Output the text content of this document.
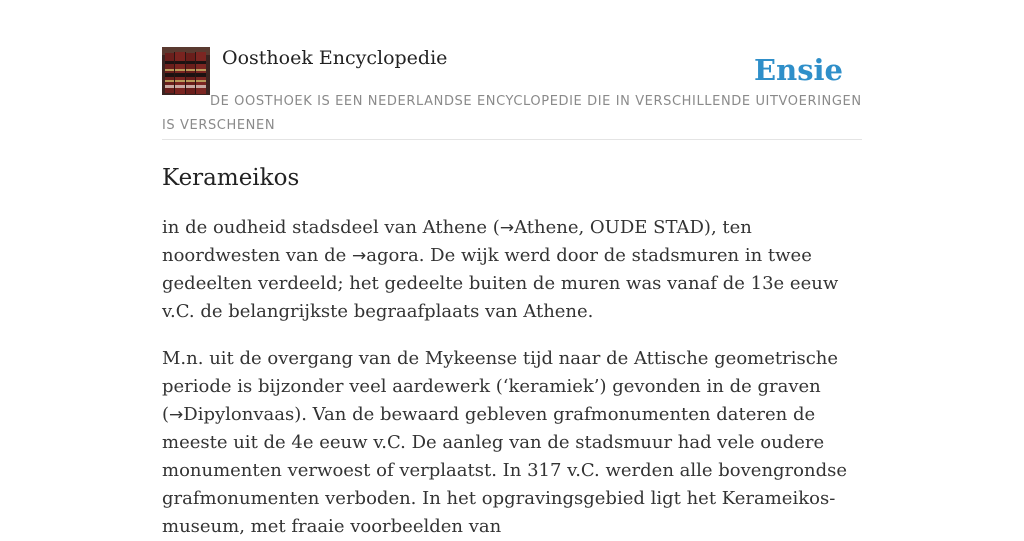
Oosthoek Encyclopedie	Ensie

DE OOSTHOEK IS EEN NEDERLANDSE ENCYCLOPEDIE DIE IN VERSCHILLENDE UITVOERINGEN IS VERSCHENEN

Kerameikos

in de oudheid stadsdeel van Athene (→Athene, OUDE STAD), ten noordwesten van de →agora. De wijk werd door de stadsmuren in twee gedeelten verdeeld; het gedeelte buiten de muren was vanaf de 13e eeuw v.C. de belangrijkste begraafplaats van Athene.

M.n. uit de overgang van de Mykeense tijd naar de Attische geometrische periode is bijzonder veel aardewerk (‘keramiek’) gevonden in de graven (→Dipylonvaas). Van de bewaard gebleven grafmonumenten dateren de meeste uit de 4e eeuw v.C. De aanleg van de stadsmuur had vele oudere monumenten verwoest of verplaatst. In 317 v.C. werden alle bovengrondse grafmonumenten verboden. In het opgravingsgebied ligt het Kerameikos-museum, met fraaie voorbeelden van
